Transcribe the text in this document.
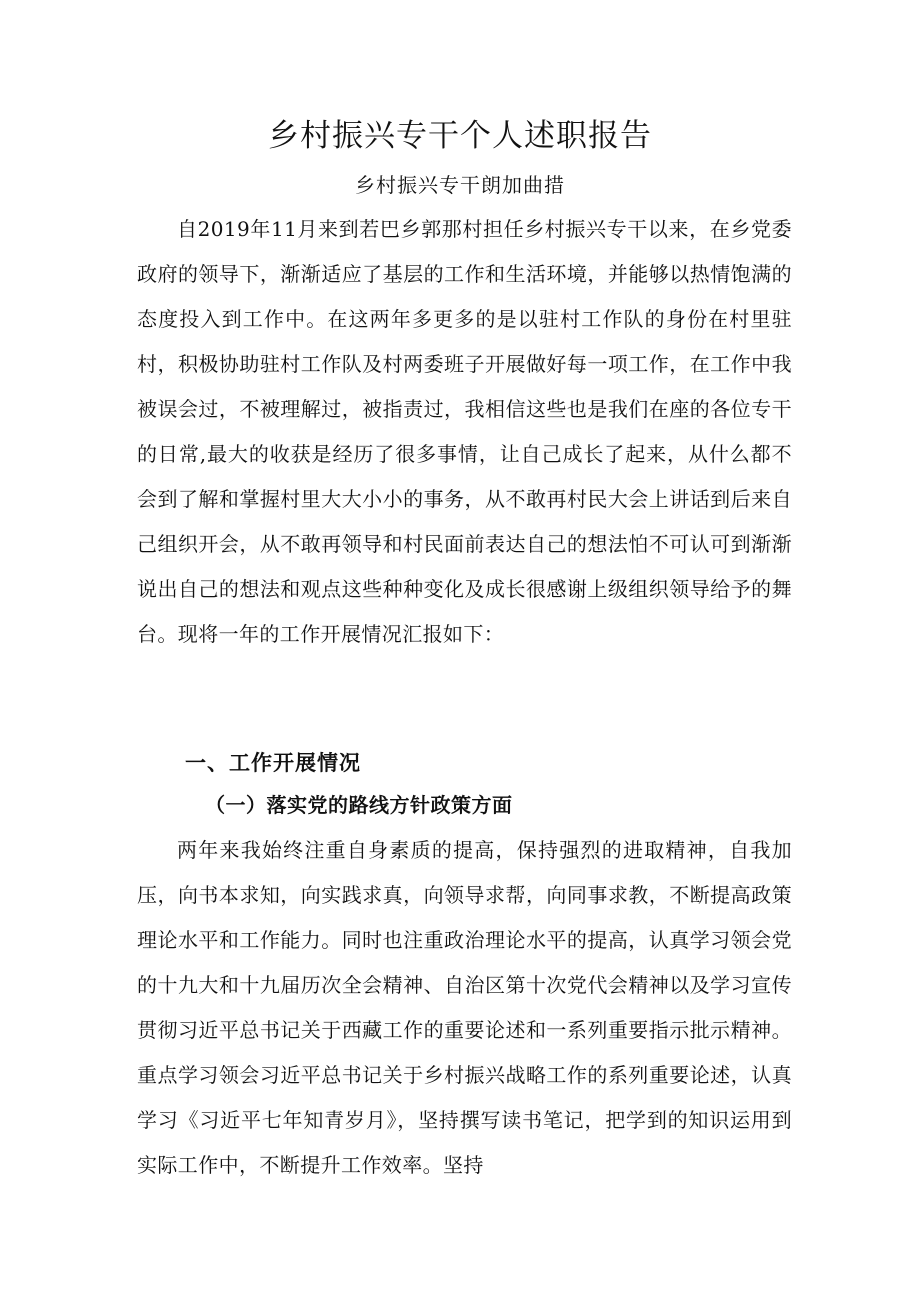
乡村振兴专干个人述职报告
乡村振兴专干朗加曲措

自2019年11月来到若巴乡郭那村担任乡村振兴专干以来，在乡党委政府的领导下，渐渐适应了基层的工作和生活环境，并能够以热情饱满的态度投入到工作中。在这两年多更多的是以驻村工作队的身份在村里驻村，积极协助驻村工作队及村两委班子开展做好每一项工作，在工作中我被误会过，不被理解过，被指责过，我相信这些也是我们在座的各位专干的日常,最大的收获是经历了很多事情，让自己成长了起来，从什么都不会到了解和掌握村里大大小小的事务，从不敢再村民大会上讲话到后来自己组织开会，从不敢再领导和村民面前表达自己的想法怕不可认可到渐渐说出自己的想法和观点这些种种变化及成长很感谢上级组织领导给予的舞台。现将一年的工作开展情况汇报如下：

一、工作开展情况
（一）落实党的路线方针政策方面

两年来我始终注重自身素质的提高，保持强烈的进取精神，自我加压，向书本求知，向实践求真，向领导求帮，向同事求教，不断提高政策理论水平和工作能力。同时也注重政治理论水平的提高，认真学习领会党的十九大和十九届历次全会精神、自治区第十次党代会精神以及学习宣传贯彻习近平总书记关于西藏工作的重要论述和一系列重要指示批示精神。重点学习领会习近平总书记关于乡村振兴战略工作的系列重要论述，认真学习《习近平七年知青岁月》，坚持撰写读书笔记，把学到的知识运用到实际工作中，不断提升工作效率。坚持
